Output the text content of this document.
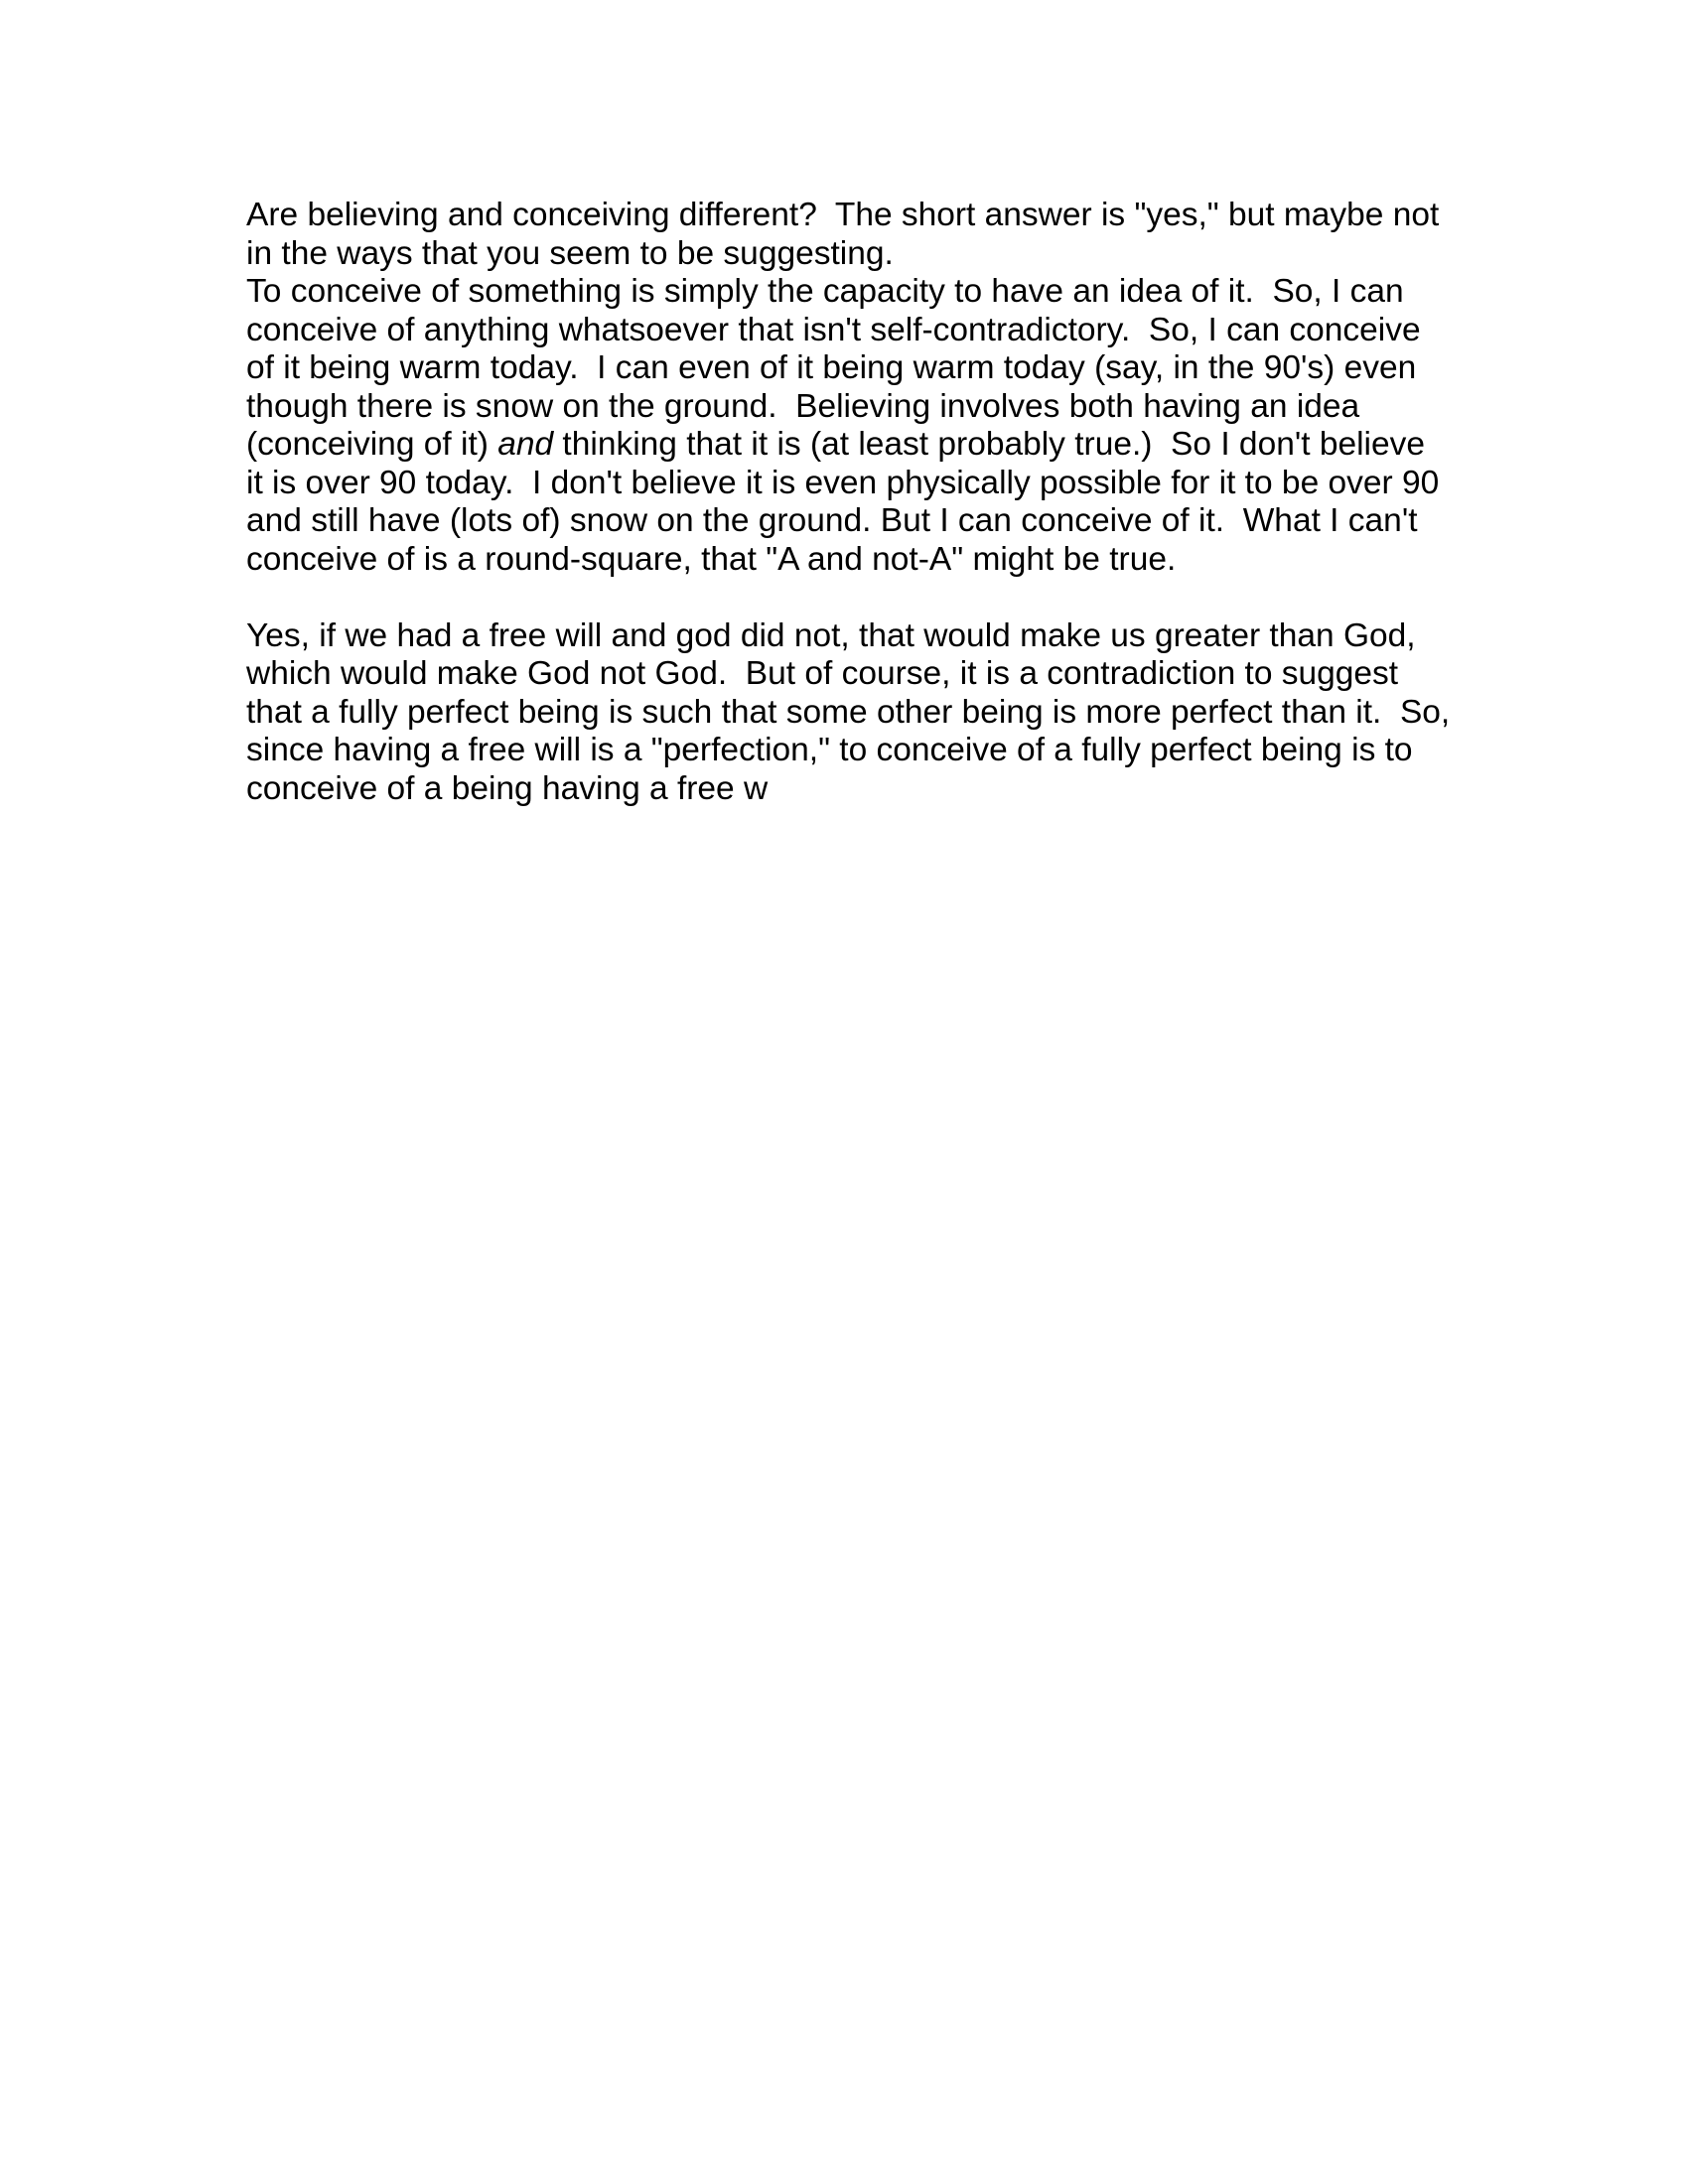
Are believing and conceiving different?  The short answer is "yes," but maybe not
in the ways that you seem to be suggesting.
To conceive of something is simply the capacity to have an idea of it.  So, I can
conceive of anything whatsoever that isn't self-contradictory.  So, I can conceive
of it being warm today.  I can even of it being warm today (say, in the 90's) even
though there is snow on the ground.  Believing involves both having an idea
(conceiving of it) and thinking that it is (at least probably true.)  So I don't believe
it is over 90 today.  I don't believe it is even physically possible for it to be over 90
and still have (lots of) snow on the ground. But I can conceive of it.  What I can't
conceive of is a round-square, that "A and not-A" might be true.
Yes, if we had a free will and god did not, that would make us greater than God,
which would make God not God.  But of course, it is a contradiction to suggest
that a fully perfect being is such that some other being is more perfect than it.  So,
since having a free will is a "perfection," to conceive of a fully perfect being is to
conceive of a being having a free w
